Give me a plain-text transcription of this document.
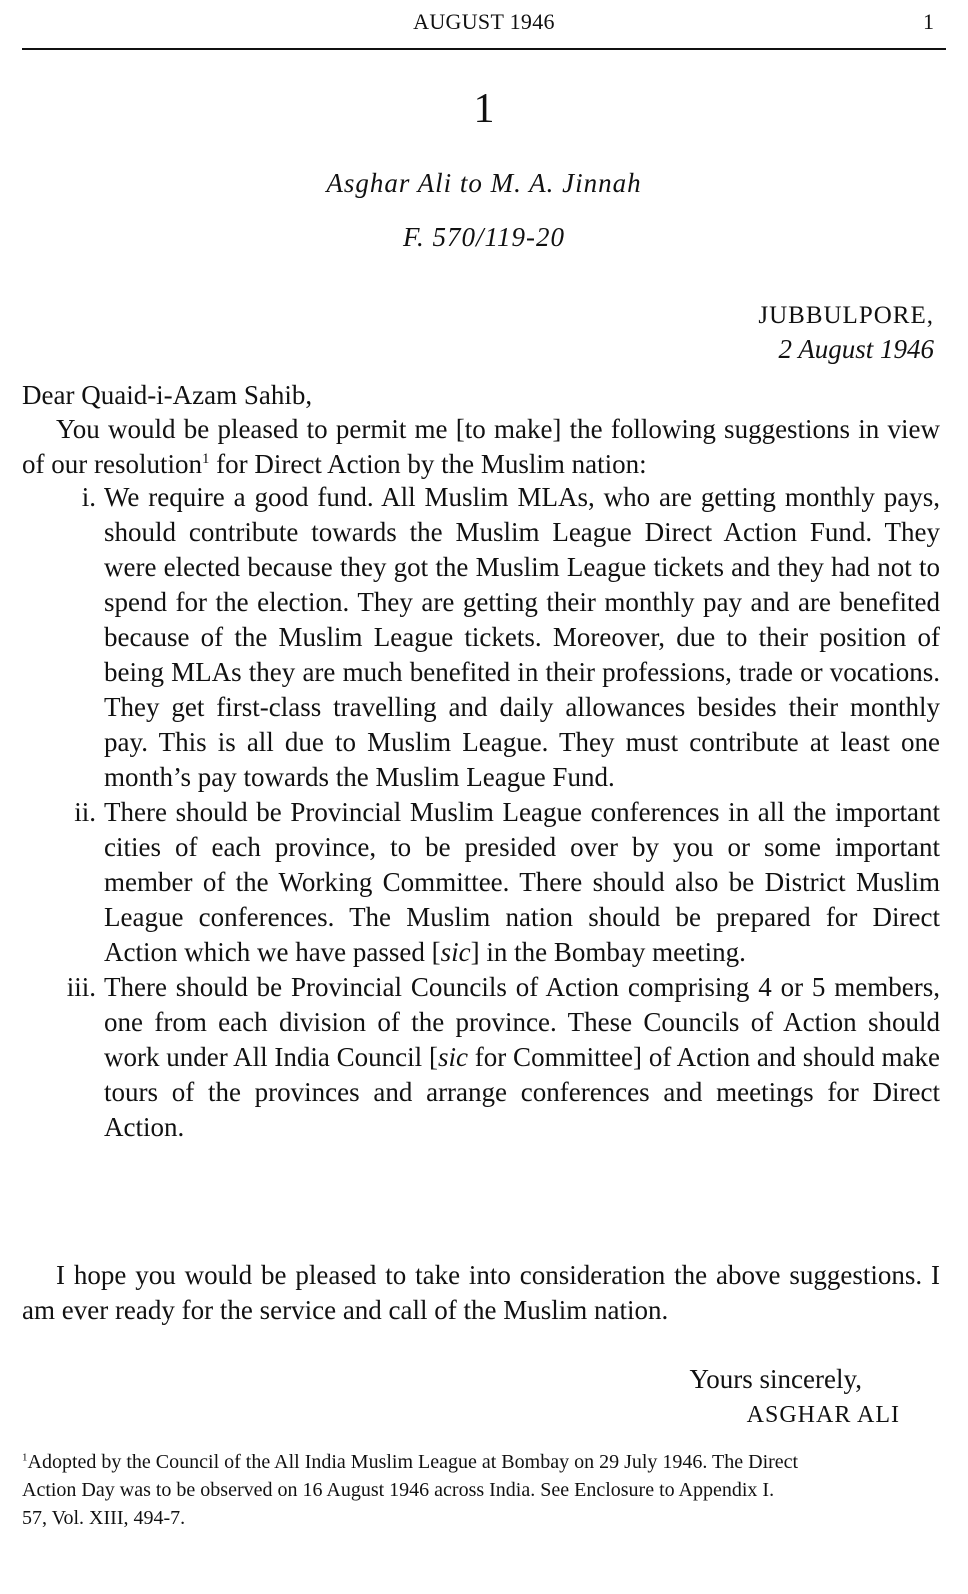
AUGUST 1946	1
1
Asghar Ali to M. A. Jinnah
F. 570/119-20
JUBBULPORE,
2 August 1946
Dear Quaid-i-Azam Sahib,

You would be pleased to permit me [to make] the following suggestions in view of our resolution$^1$ for Direct Action by the Muslim nation:

i. We require a good fund. All Muslim MLAs, who are getting monthly pays, should contribute towards the Muslim League Direct Action Fund. They were elected because they got the Muslim League tickets and they had not to spend for the election. They are getting their monthly pay and are benefited because of the Muslim League tickets. Moreover, due to their position of being MLAs they are much benefited in their professions, trade or vocations. They get first-class travelling and daily allowances besides their monthly pay. This is all due to Muslim League. They must contribute at least one month’s pay towards the Muslim League Fund.
ii. There should be Provincial Muslim League conferences in all the important cities of each province, to be presided over by you or some important member of the Working Committee. There should also be District Muslim League conferences. The Muslim nation should be prepared for Direct Action which we have passed [sic] in the Bombay meeting.
iii. There should be Provincial Councils of Action comprising 4 or 5 members, one from each division of the province. These Councils of Action should work under All India Council [sic for Committee] of Action and should make tours of the provinces and arrange conferences and meetings for Direct Action.

I hope you would be pleased to take into consideration the above suggestions. I am ever ready for the service and call of the Muslim nation.

Yours sincerely,
ASGHAR ALI
$^1$Adopted by the Council of the All India Muslim League at Bombay on 29 July 1946. The Direct
Action Day was to be observed on 16 August 1946 across India. See Enclosure to Appendix I.
57, Vol. XIII, 494-7.
